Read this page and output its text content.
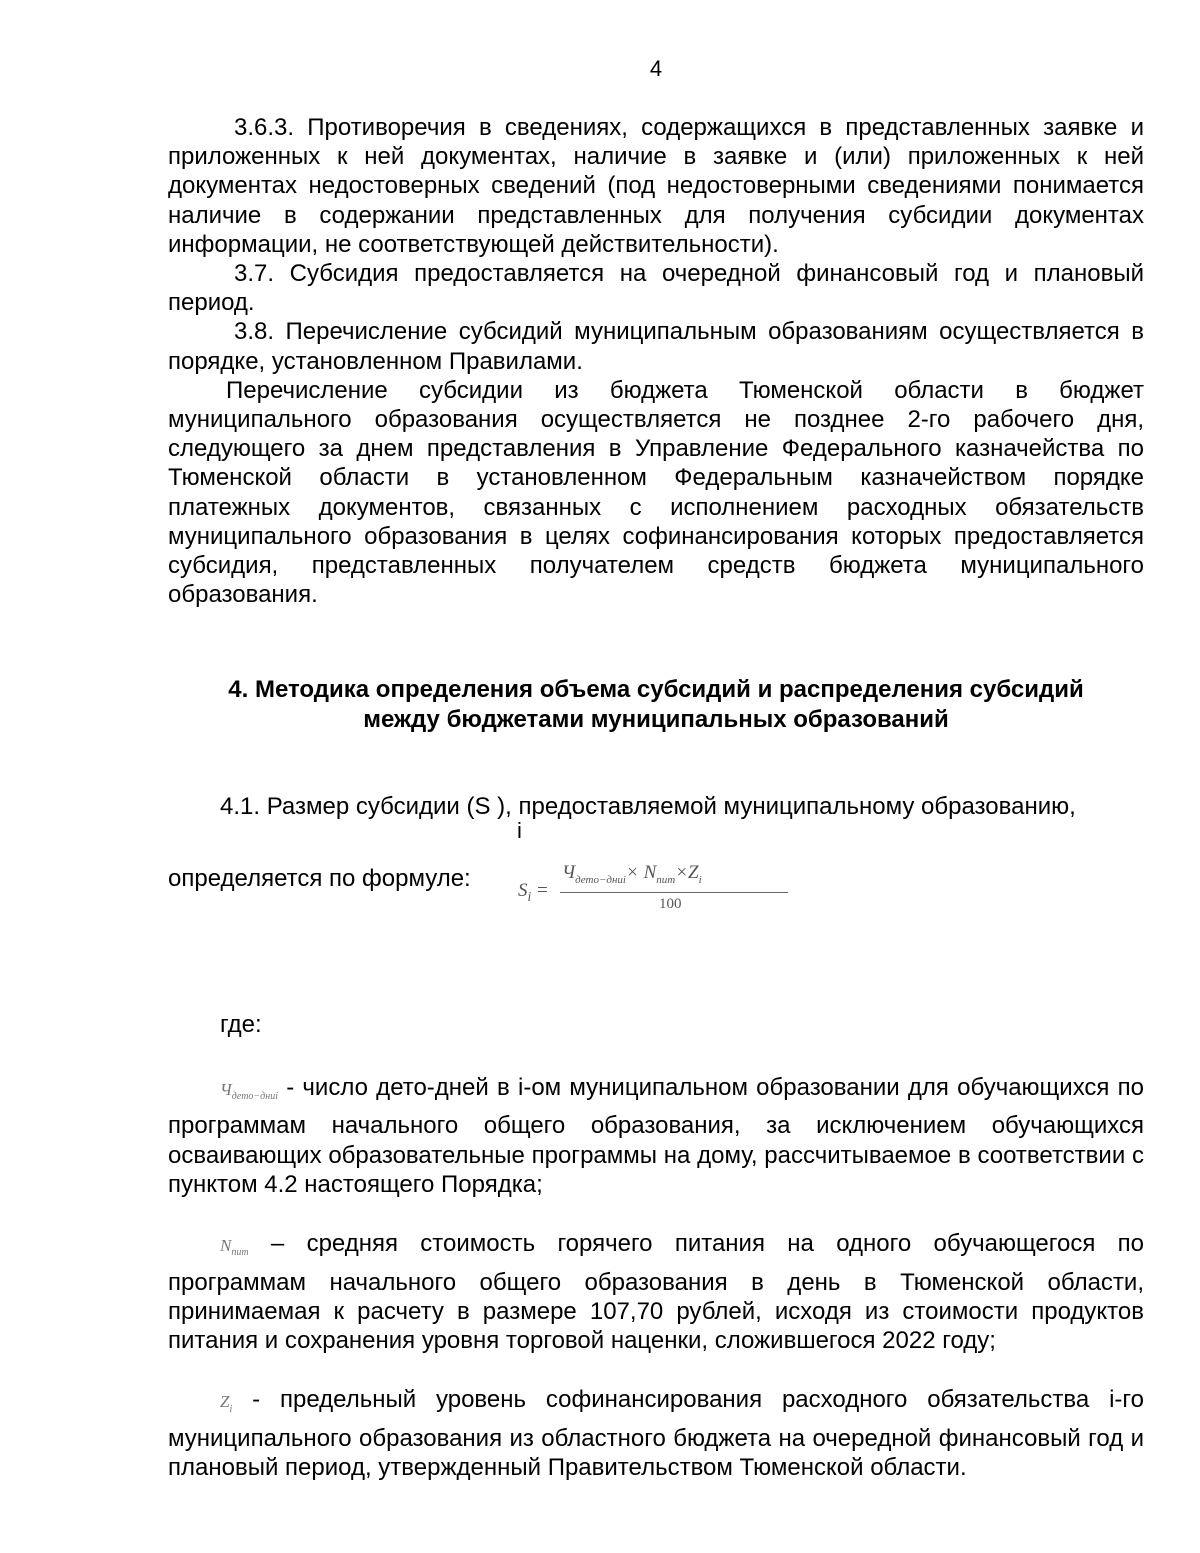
4

3.6.3. Противоречия в сведениях, содержащихся в представленных заявке и приложенных к ней документах, наличие в заявке и (или) приложенных к ней документах недостоверных сведений (под недостоверными сведениями понимается наличие в содержании представленных для получения субсидии документах информации, не соответствующей действительности).

3.7. Субсидия предоставляется на очередной финансовый год и плановый период.

3.8. Перечисление субсидий муниципальным образованиям осуществляется в порядке, установленном Правилами.

Перечисление субсидии из бюджета Тюменской области в бюджет муниципального образования осуществляется не позднее 2-го рабочего дня, следующего за днем представления в Управление Федерального казначейства по Тюменской области в установленном Федеральным казначейством порядке платежных документов, связанных с исполнением расходных обязательств муниципального образования в целях софинансирования которых предоставляется субсидия, представленных получателем средств бюджета муниципального образования.

4. Методика определения объема субсидий и распределения субсидий
между бюджетами муниципальных образований

4.1. Размер субсидии (S ), предоставляемой муниципальному образованию,

i
определяется по формуле:

где:

$Ч_{дето-дниi}$ - число дето-дней в i-ом муниципальном образовании для обучающихся по программам начального общего образования, за исключением обучающихся осваивающих образовательные программы на дому, рассчитываемое в соответствии с пунктом 4.2 настоящего Порядка;

$N_{пит}$ – средняя стоимость горячего питания на одного обучающегося по программам начального общего образования в день в Тюменской области, принимаемая к расчету в размере 107,70 рублей, исходя из стоимости продуктов питания и сохранения уровня торговой наценки, сложившегося 2022 году;

$Z_i$ - предельный уровень софинансирования расходного обязательства i-го муниципального образования из областного бюджета на очередной финансовый год и плановый период, утвержденный Правительством Тюменской области.

$S_i$ =
$Ч_{дето-дниi}\times N_{пит}\times Z_i$
100
